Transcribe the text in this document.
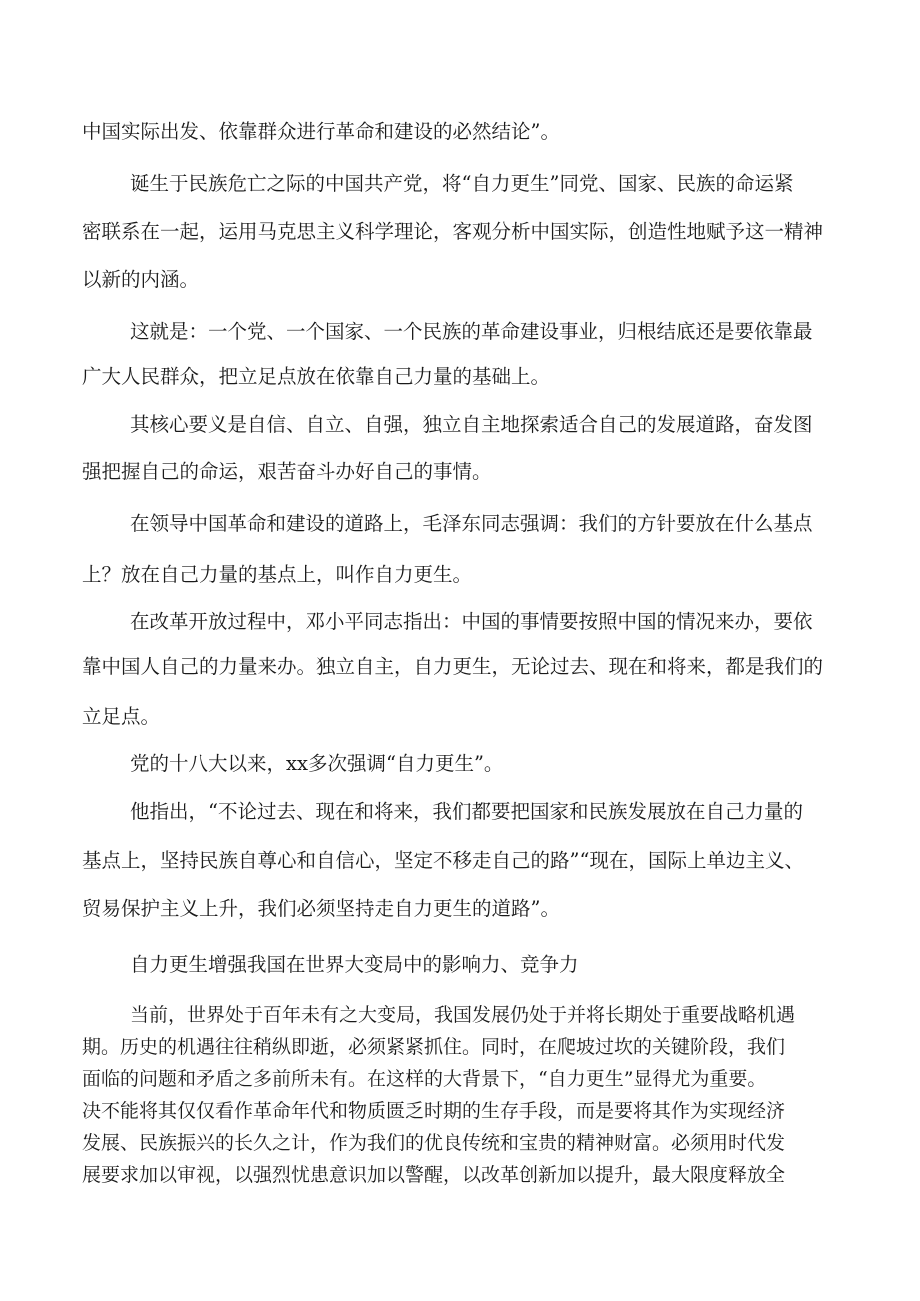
中国实际出发、依靠群众进行革命和建设的必然结论”。
诞生于民族危亡之际的中国共产党，将“自力更生”同党、国家、民族的命运紧
密联系在一起，运用马克思主义科学理论，客观分析中国实际，创造性地赋予这一精神
以新的内涵。
这就是：一个党、一个国家、一个民族的革命建设事业，归根结底还是要依靠最
广大人民群众，把立足点放在依靠自己力量的基础上。
其核心要义是自信、自立、自强，独立自主地探索适合自己的发展道路，奋发图
强把握自己的命运，艰苦奋斗办好自己的事情。
在领导中国革命和建设的道路上，毛泽东同志强调：我们的方针要放在什么基点
上？放在自己力量的基点上，叫作自力更生。
在改革开放过程中，邓小平同志指出：中国的事情要按照中国的情况来办，要依
靠中国人自己的力量来办。独立自主，自力更生，无论过去、现在和将来，都是我们的
立足点。
党的十八大以来，xx多次强调“自力更生”。
他指出，“不论过去、现在和将来，我们都要把国家和民族发展放在自己力量的
基点上，坚持民族自尊心和自信心，坚定不移走自己的路”“现在，国际上单边主义、
贸易保护主义上升，我们必须坚持走自力更生的道路”。
自力更生增强我国在世界大变局中的影响力、竞争力
当前，世界处于百年未有之大变局，我国发展仍处于并将长期处于重要战略机遇
期。历史的机遇往往稍纵即逝，必须紧紧抓住。同时，在爬坡过坎的关键阶段，我们
面临的问题和矛盾之多前所未有。在这样的大背景下，“自力更生”显得尤为重要。
决不能将其仅仅看作革命年代和物质匮乏时期的生存手段，而是要将其作为实现经济
发展、民族振兴的长久之计，作为我们的优良传统和宝贵的精神财富。必须用时代发
展要求加以审视，以强烈忧患意识加以警醒，以改革创新加以提升，最大限度释放全
